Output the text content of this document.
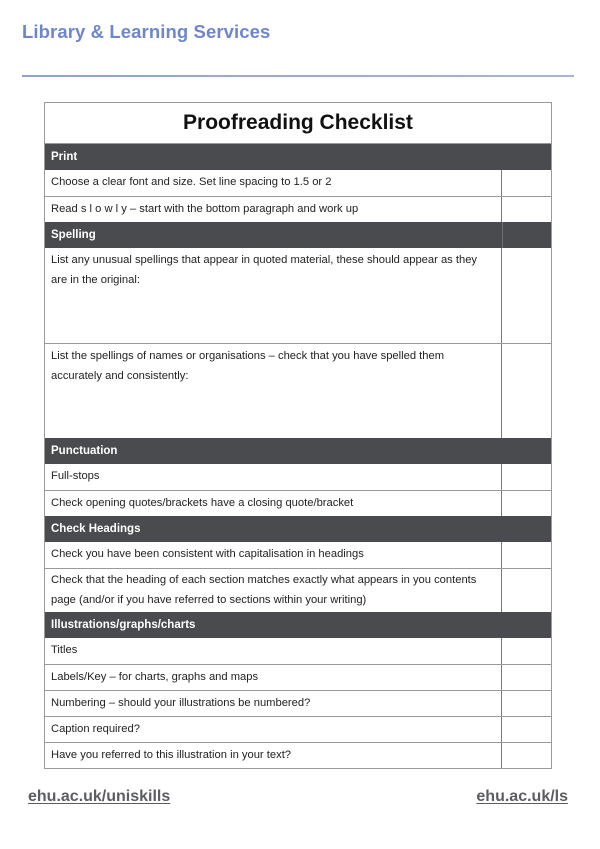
Library & Learning Services
Proofreading Checklist
Print
Choose a clear font and size. Set line spacing to 1.5 or 2
Read s l o w l y – start with the bottom paragraph and work up
Spelling
List any unusual spellings that appear in quoted material, these should appear as they are in the original:
List the spellings of names or organisations – check that you have spelled them accurately and consistently:
Punctuation
Full-stops
Check opening quotes/brackets have a closing quote/bracket
Check Headings
Check you have been consistent with capitalisation in headings
Check that the heading of each section matches exactly what appears in you contents page (and/or if you have referred to sections within your writing)
Illustrations/graphs/charts
Titles
Labels/Key – for charts, graphs and maps
Numbering – should your illustrations be numbered?
Caption required?
Have you referred to this illustration in your text?
ehu.ac.uk/uniskills	ehu.ac.uk/ls
